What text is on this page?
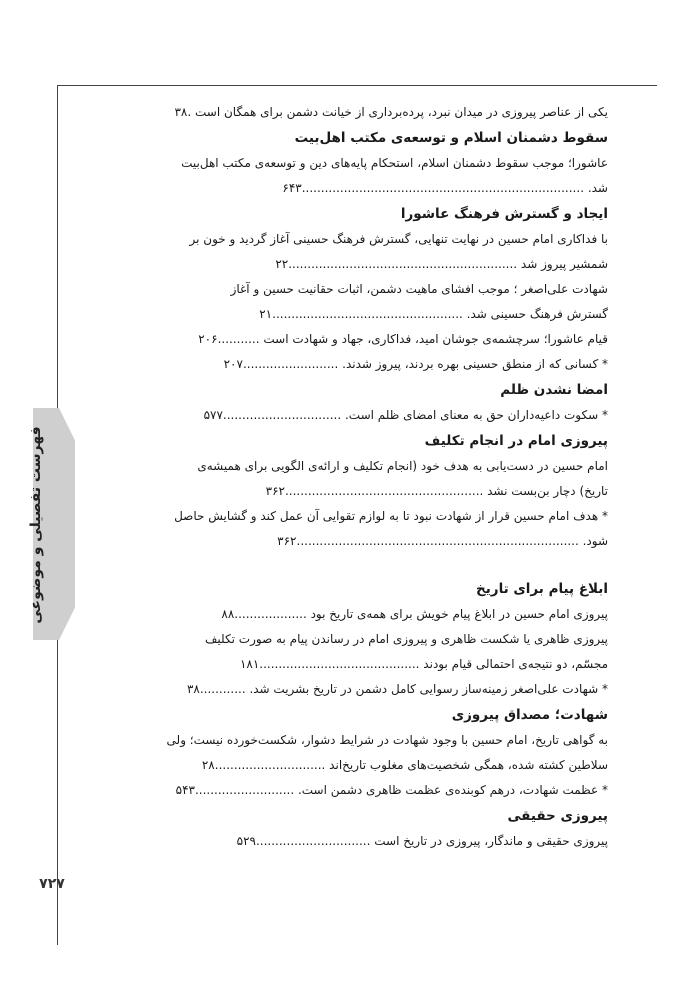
فهرست تفصیلی و موضوعی
۷۲۷
یکی از عناصر پیروزی در میدان نبرد، پرده‌برداری از خیانت دشمن برای همگان است .۳۸
سقوط دشمنان اسلام و توسعه‌ی مکتب اهل‌بیت
عاشورا؛ موجب سقوط دشمنان اسلام، استحکام پایه‌های دین و توسعه‌ی مکتب اهل‌بیت
شد. ..........................................................................۶۴۳
ایجاد و گسترش فرهنگ عاشورا
با فداکاری امام حسین در نهایت تنهایی، گسترش فرهنگ حسینی آغاز گردید و خون بر
شمشیر پیروز شد ............................................................۲۲
شهادت علی‌اصغر ؛ موجب افشای ماهیت دشمن، اثبات حقانیت حسین و آغاز
گسترش فرهنگ حسینی شد. ..................................................۲۱
قیام عاشورا؛ سرچشمه‌ی جوشان امید، فداکاری، جهاد و شهادت است ...........۲۰۶
* کسانی که از منطق حسینی بهره بردند، پیروز شدند. .........................۲۰۷
امضا نشدن ظلم
* سکوت داعیه‌داران حق به معنای امضای ظلم است. ...............................۵۷۷
پیروزی امام در انجام تکلیف
امام حسین در دست‌یابی به هدف خود (انجام تکلیف و ارائه‌ی الگویی برای همیشه‌ی
تاریخ) دچار بن‌بست نشد ....................................................۳۶۲
* هدف امام حسین قرار از شهادت نبود تا به لوازم تقوایی آن عمل کند و گشایش حاصل
شود. ..........................................................................۳۶۲
ابلاغ پیام برای تاریخ
پیروزی امام حسین در ابلاغ پیام خویش برای همه‌ی تاریخ بود ...................۸۸
پیروزی ظاهری یا شکست ظاهری و پیروزی امام در رساندن پیام به صورت تکلیف
مجسّم، دو نتیجه‌ی احتمالی قیام بودند ..........................................۱۸۱
* شهادت علی‌اصغر زمینه‌ساز رسوایی کامل دشمن در تاریخ بشریت شد. ............۳۸
شهادت؛ مصداق پیروزی
به گواهی تاریخ، امام حسین با وجود شهادت در شرایط دشوار، شکست‌خورده نیست؛ ولی
سلاطین کشته شده، همگی شخصیت‌های مغلوب تاریخ‌اند .............................۲۸
* عظمت شهادت، درهم کوبنده‌ی عظمت ظاهری دشمن است. ..........................۵۴۳
پیروزی حقیقی
پیروزی حقیقی و ماندگار، پیروزی در تاریخ است ..............................۵۲۹
